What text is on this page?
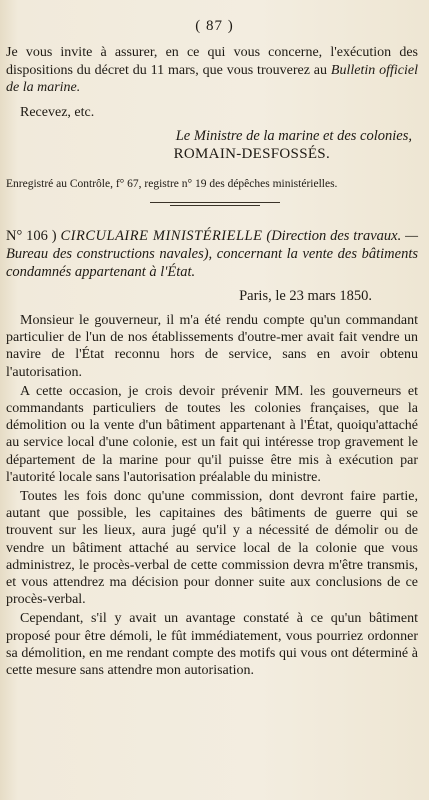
( 87 )
Je vous invite à assurer, en ce qui vous concerne, l'exécution des dispositions du décret du 11 mars, que vous trouverez au Bulletin officiel de la marine.
Recevez, etc.
Le Ministre de la marine et des colonies,
ROMAIN-DESFOSSÉS.
Enregistré au Contrôle, f° 67, registre n° 19 des dépêches ministérielles.
N° 106 ) CIRCULAIRE MINISTÉRIELLE (Direction des travaux. — Bureau des constructions navales), concernant la vente des bâtiments condamnés appartenant à l'État.
Paris, le 23 mars 1850.

Monsieur le gouverneur, il m'a été rendu compte qu'un commandant particulier de l'un de nos établissements d'outre-mer avait fait vendre un navire de l'État reconnu hors de service, sans en avoir obtenu l'autorisation.

A cette occasion, je crois devoir prévenir MM. les gouverneurs et commandants particuliers de toutes les colonies françaises, que la démolition ou la vente d'un bâtiment appartenant à l'État, quoiqu'attaché au service local d'une colonie, est un fait qui intéresse trop gravement le département de la marine pour qu'il puisse être mis à exécution par l'autorité locale sans l'autorisation préalable du ministre.

Toutes les fois donc qu'une commission, dont devront faire partie, autant que possible, les capitaines des bâtiments de guerre qui se trouvent sur les lieux, aura jugé qu'il y a nécessité de démolir ou de vendre un bâtiment attaché au service local de la colonie que vous administrez, le procès-verbal de cette commission devra m'être transmis, et vous attendrez ma décision pour donner suite aux conclusions de ce procès-verbal.

Cependant, s'il y avait un avantage constaté à ce qu'un bâtiment proposé pour être démoli, le fût immédiatement, vous pourriez ordonner sa démolition, en me rendant compte des motifs qui vous ont déterminé à cette mesure sans attendre mon autorisation.
